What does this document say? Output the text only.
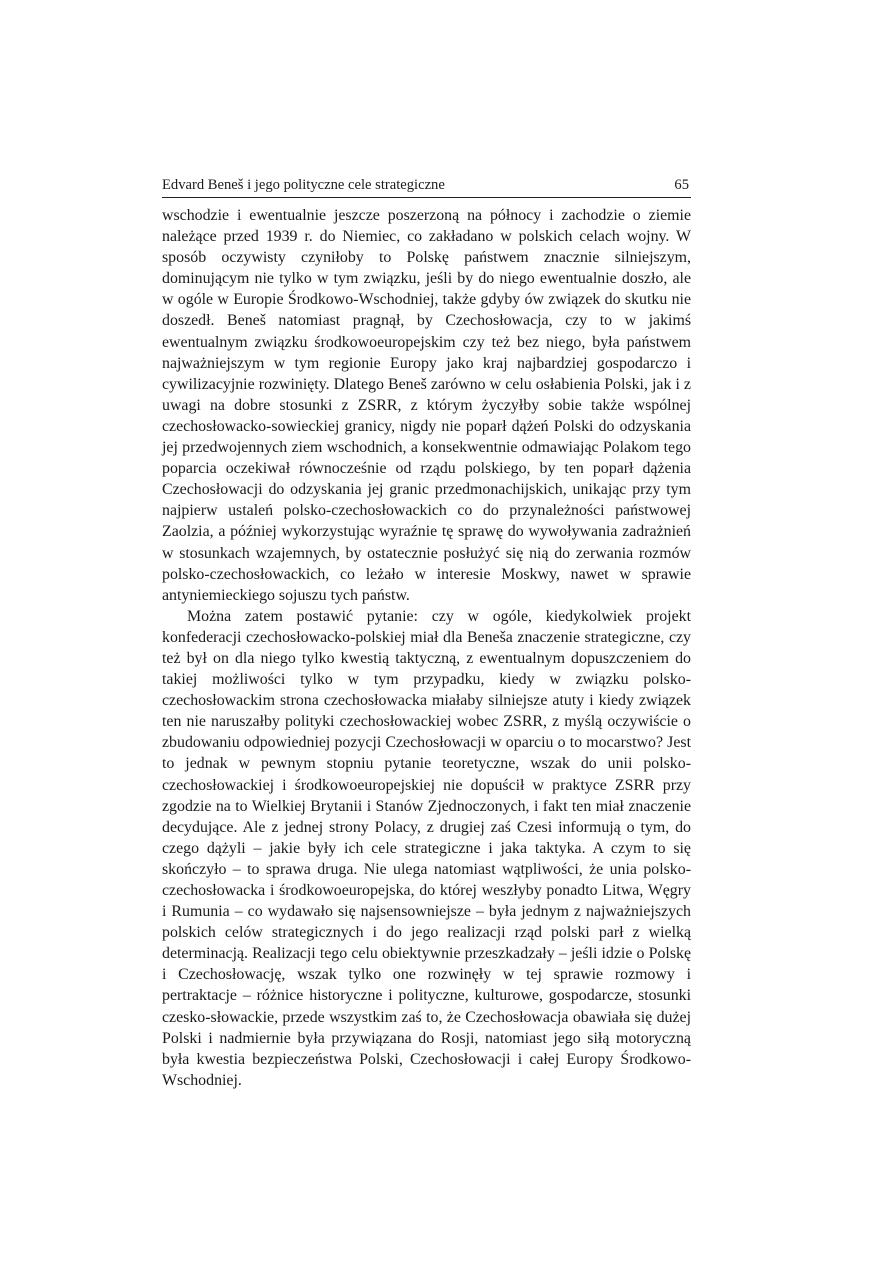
Edvard Beneš i jego polityczne cele strategiczne	65

wschodzie i ewentualnie jeszcze poszerzoną na północy i zachodzie o ziemie należące przed 1939 r. do Niemiec, co zakładano w polskich celach wojny. W sposób oczywisty czyniłoby to Polskę państwem znacznie silniejszym, dominującym nie tylko w tym związku, jeśli by do niego ewentualnie doszło, ale w ogóle w Europie Środkowo-Wschodniej, także gdyby ów związek do skutku nie doszedł. Beneš natomiast pragnął, by Czechosłowacja, czy to w jakimś ewentualnym związku środkowoeuropejskim czy też bez niego, była państwem najważniejszym w tym regionie Europy jako kraj najbardziej gospodarczo i cywilizacyjnie rozwinięty. Dlatego Beneš zarówno w celu osłabienia Polski, jak i z uwagi na dobre stosunki z ZSRR, z którym życzyłby sobie także wspólnej czechosłowacko-sowieckiej granicy, nigdy nie poparł dążeń Polski do odzyskania jej przedwojennych ziem wschodnich, a konsekwentnie odmawiając Polakom tego poparcia oczekiwał równocześnie od rządu polskiego, by ten poparł dążenia Czechosłowacji do odzyskania jej granic przedmonachijskich, unikając przy tym najpierw ustaleń polsko-czechosłowackich co do przynależności państwowej Zaolzia, a później wykorzystując wyraźnie tę sprawę do wywoływania zadrażnień w stosunkach wzajemnych, by ostatecznie posłużyć się nią do zerwania rozmów polsko-czechosłowackich, co leżało w interesie Moskwy, nawet w sprawie antyniemieckiego sojuszu tych państw.

Można zatem postawić pytanie: czy w ogóle, kiedykolwiek projekt konfederacji czechosłowacko-polskiej miał dla Beneša znaczenie strategiczne, czy też był on dla niego tylko kwestią taktyczną, z ewentualnym dopuszczeniem do takiej możliwości tylko w tym przypadku, kiedy w związku polsko-czechosłowackim strona czechosłowacka miałaby silniejsze atuty i kiedy związek ten nie naruszałby polityki czechosłowackiej wobec ZSRR, z myślą oczywiście o zbudowaniu odpowiedniej pozycji Czechosłowacji w oparciu o to mocarstwo? Jest to jednak w pewnym stopniu pytanie teoretyczne, wszak do unii polsko-czechosłowackiej i środkowoeuropejskiej nie dopuścił w praktyce ZSRR przy zgodzie na to Wielkiej Brytanii i Stanów Zjednoczonych, i fakt ten miał znaczenie decydujące. Ale z jednej strony Polacy, z drugiej zaś Czesi informują o tym, do czego dążyli – jakie były ich cele strategiczne i jaka taktyka. A czym to się skończyło – to sprawa druga. Nie ulega natomiast wątpliwości, że unia polsko-czechosłowacka i środkowoeuropejska, do której weszłyby ponadto Litwa, Węgry i Rumunia – co wydawało się najsensowniejsze – była jednym z najważniejszych polskich celów strategicznych i do jego realizacji rząd polski parł z wielką determinacją. Realizacji tego celu obiektywnie przeszkadzały – jeśli idzie o Polskę i Czechosłowację, wszak tylko one rozwinęły w tej sprawie rozmowy i pertraktacje – różnice historyczne i polityczne, kulturowe, gospodarcze, stosunki czesko-słowackie, przede wszystkim zaś to, że Czechosłowacja obawiała się dużej Polski i nadmiernie była przywiązana do Rosji, natomiast jego siłą motoryczną była kwestia bezpieczeństwa Polski, Czechosłowacji i całej Europy Środkowo-Wschodniej.
